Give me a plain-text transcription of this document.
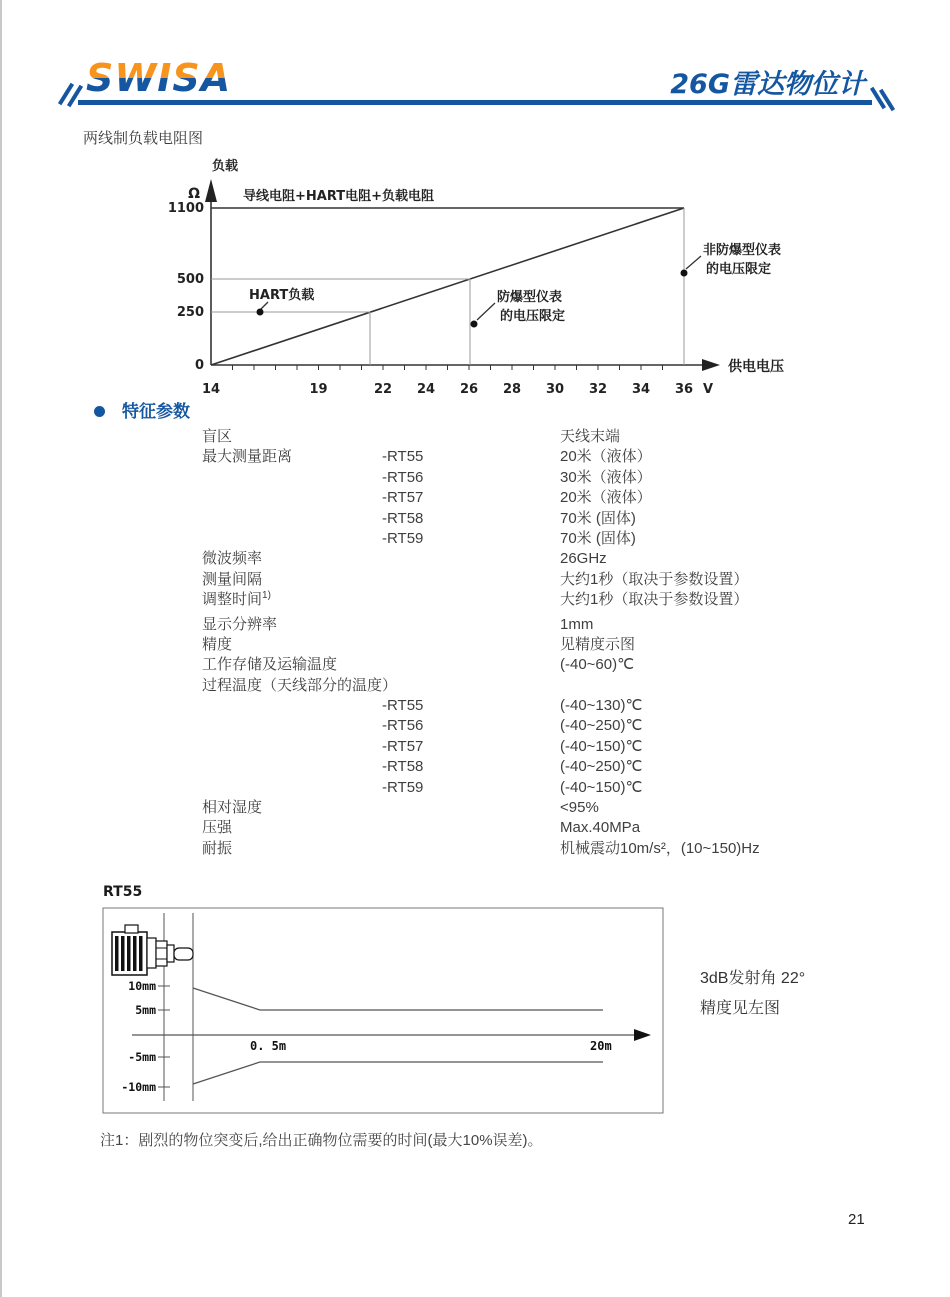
SWISA	26G雷达物位计
两线制负载电阻图
负载
Ω
供电电压
V
1100
500
250
0
14	19	22 24 26 28 30 32 34 36
导线电阻+HART电阻+负载电阻
HART负载	防爆型仪表
的电压限定
非防爆型仪表
的电压限定
特征参数
盲区	天线末端
最大测量距离	-RT55	20米（液体）
-RT56	30米（液体）
-RT57	20米（液体）
-RT58	70米 (固体)
-RT59	70米 (固体)
微波频率	26GHz
测量间隔	大约1秒（取决于参数设置）
调整时间$^{1)}$	大约1秒（取决于参数设置）
显示分辨率	1mm
精度	见精度示图
工作存储及运输温度	(-40~60)℃
过程温度（天线部分的温度）
-RT55	(-40~130)℃
-RT56	(-40~250)℃
-RT57	(-40~150)℃
-RT58	(-40~250)℃
-RT59	(-40~150)℃
相对湿度	<95%
压强	Max.40MPa
耐振	机械震动10m/s²，(10~150)Hz
RT55
10mm
5mm
-5mm
-10mm
0. 5m	20m
3dB发射角 22°
精度见左图
注1：剧烈的物位突变后,给出正确物位需要的时间(最大10%误差)。
21
